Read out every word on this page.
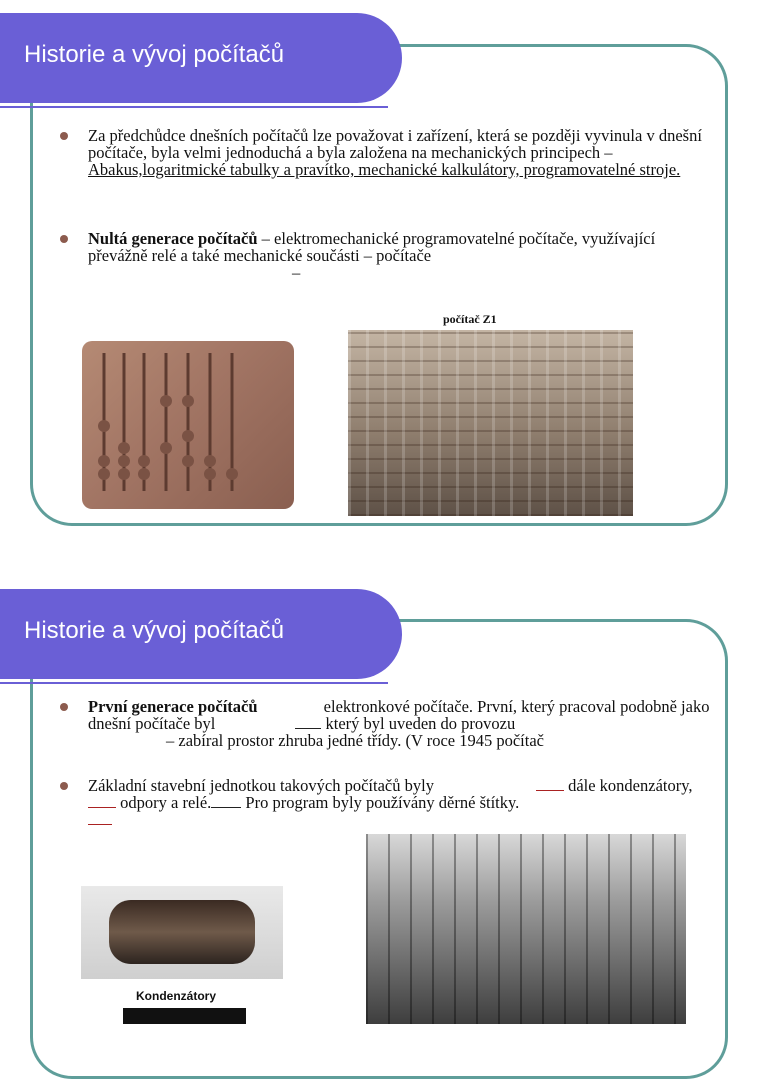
Historie a vývoj počítačů
Za předchůdce dnešních počítačů lze považovat i zařízení, která se později vyvinula v dnešní počítače, byla velmi jednoduchá a byla založena na mechanických principech – Abakus,logaritmické tabulky a pravítko, mechanické kalkulátory, programovatelné stroje.
Nultá generace počítačů – elektromechanické programovatelné počítače, využívající převážně relé a také mechanické součásti – počítače
–
počítač Z1
Historie a vývoj počítačů
První generace počítačů	elektronkové počítače. První, který pracoval podobně jako dnešní počítače byl	který byl uveden do provozu
– zabíral prostor zhruba jedné třídy. (V roce 1945 počítač
Základní stavební jednotkou takových počítačů byly	dále kondenzátory,  odpory a relé. Pro program byly používány děrné štítky.

Kondenzátory
